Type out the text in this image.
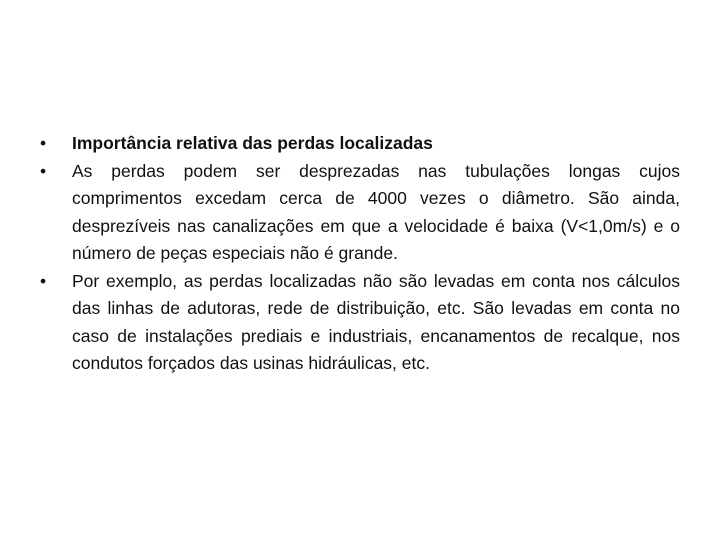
•	Importância relativa das perdas localizadas
•	As perdas podem ser desprezadas nas tubulações longas cujos comprimentos excedam cerca de 4000 vezes o diâmetro. São ainda, desprezíveis nas canalizações em que a velocidade é baixa (V<1,0m/s) e o número de peças especiais não é grande.
•	Por exemplo, as perdas localizadas não são levadas em conta nos cálculos das linhas de adutoras, rede de distribuição, etc. São levadas em conta no caso de instalações prediais e industriais, encanamentos de recalque, nos condutos forçados das usinas hidráulicas, etc.
